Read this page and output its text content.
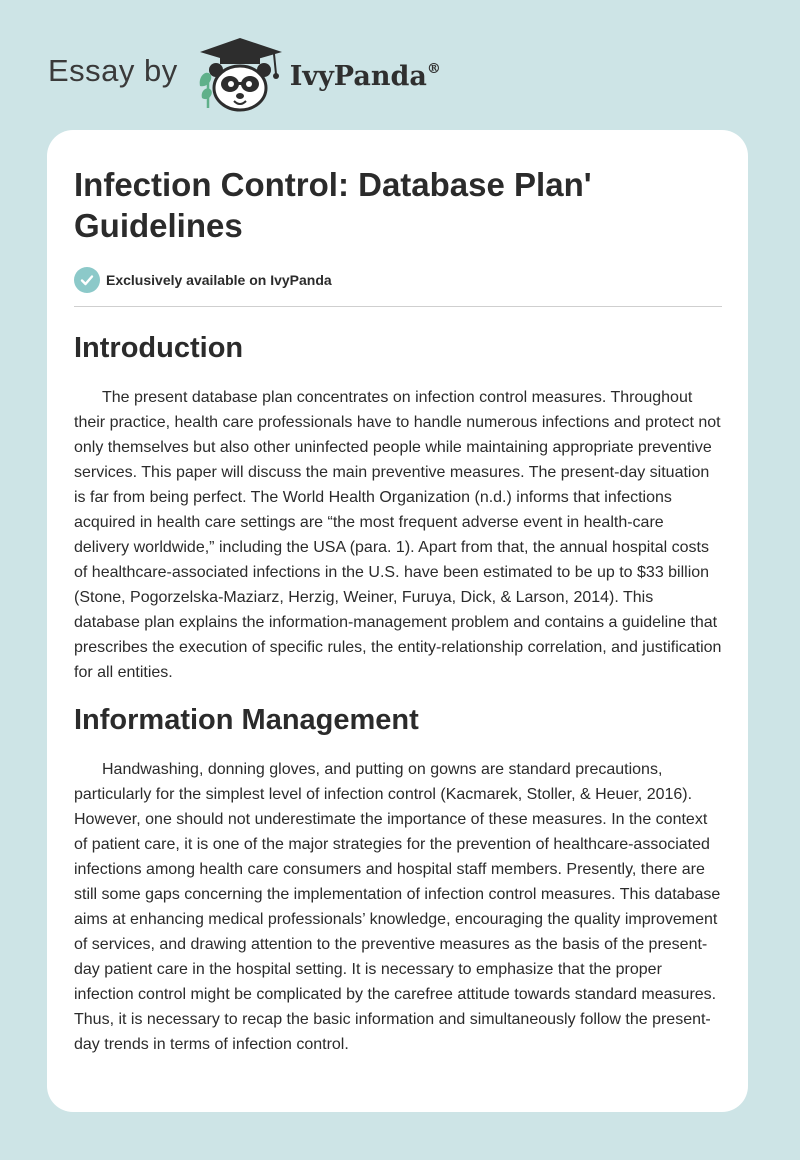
Essay by	IvyPanda®
Infection Control: Database Plan' Guidelines
Exclusively available on IvyPanda
Introduction

The present database plan concentrates on infection control measures. Throughout their practice, health care professionals have to handle numerous infections and protect not only themselves but also other uninfected people while maintaining appropriate preventive services. This paper will discuss the main preventive measures. The present-day situation is far from being perfect. The World Health Organization (n.d.) informs that infections acquired in health care settings are “the most frequent adverse event in health-care delivery worldwide,” including the USA (para. 1). Apart from that, the annual hospital costs of healthcare-associated infections in the U.S. have been estimated to be up to $33 billion (Stone, Pogorzelska-Maziarz, Herzig, Weiner, Furuya, Dick, & Larson, 2014). This database plan explains the information-management problem and contains a guideline that prescribes the execution of specific rules, the entity-relationship correlation, and justification for all entities.

Information Management

Handwashing, donning gloves, and putting on gowns are standard precautions, particularly for the simplest level of infection control (Kacmarek, Stoller, & Heuer, 2016). However, one should not underestimate the importance of these measures. In the context of patient care, it is one of the major strategies for the prevention of healthcare-associated infections among health care consumers and hospital staff members. Presently, there are still some gaps concerning the implementation of infection control measures. This database aims at enhancing medical professionals’ knowledge, encouraging the quality improvement of services, and drawing attention to the preventive measures as the basis of the present-day patient care in the hospital setting. It is necessary to emphasize that the proper infection control might be complicated by the carefree attitude towards standard measures. Thus, it is necessary to recap the basic information and simultaneously follow the present-day trends in terms of infection control.
